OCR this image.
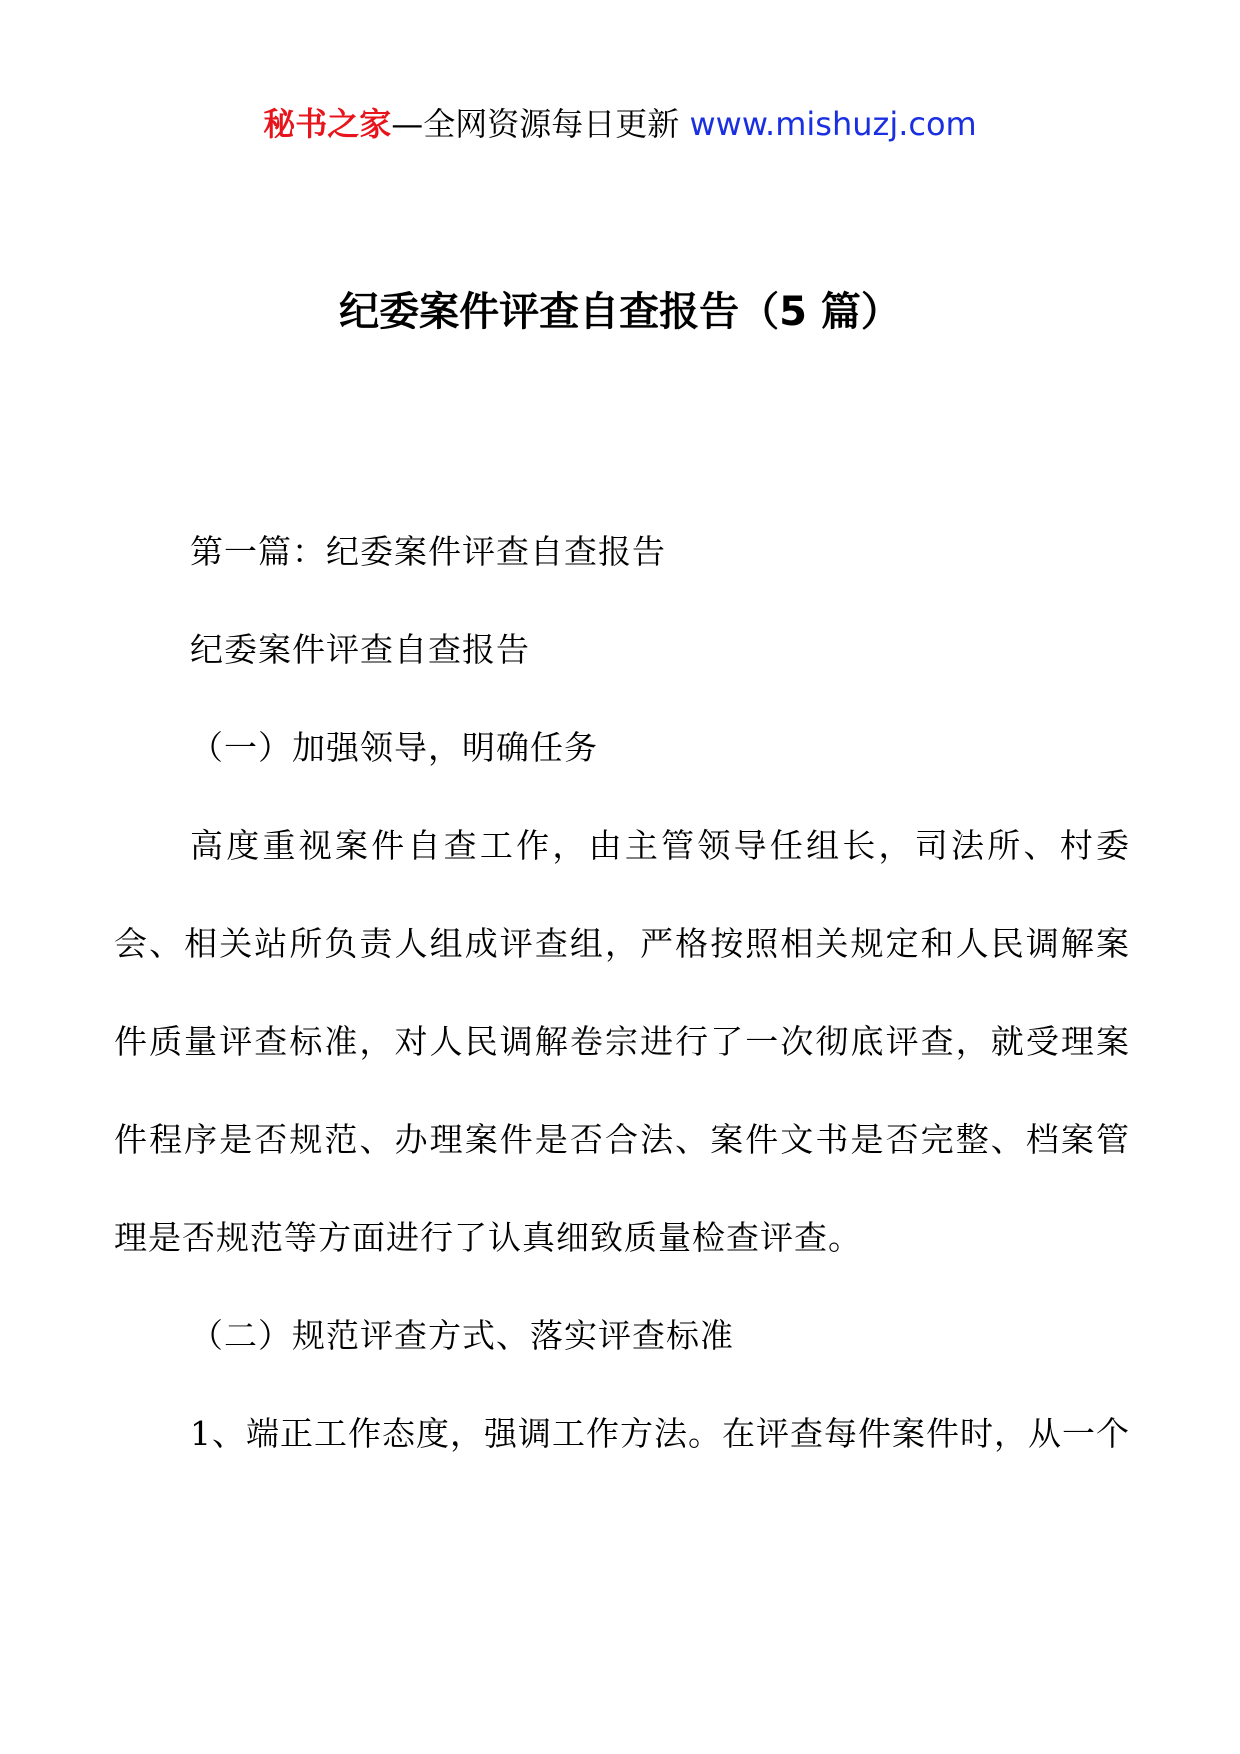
秘书之家—全网资源每日更新 www.mishuzj.com
纪委案件评查自查报告（5 篇）

第一篇：纪委案件评查自查报告

纪委案件评查自查报告

（一）加强领导，明确任务

高度重视案件自查工作，由主管领导任组长，司法所、村委会、相关站所负责人组成评查组，严格按照相关规定和人民调解案件质量评查标准，对人民调解卷宗进行了一次彻底评查，就受理案件程序是否规范、办理案件是否合法、案件文书是否完整、档案管理是否规范等方面进行了认真细致质量检查评查。

（二）规范评查方式、落实评查标准

1、端正工作态度，强调工作方法。在评查每件案件时，从一个
